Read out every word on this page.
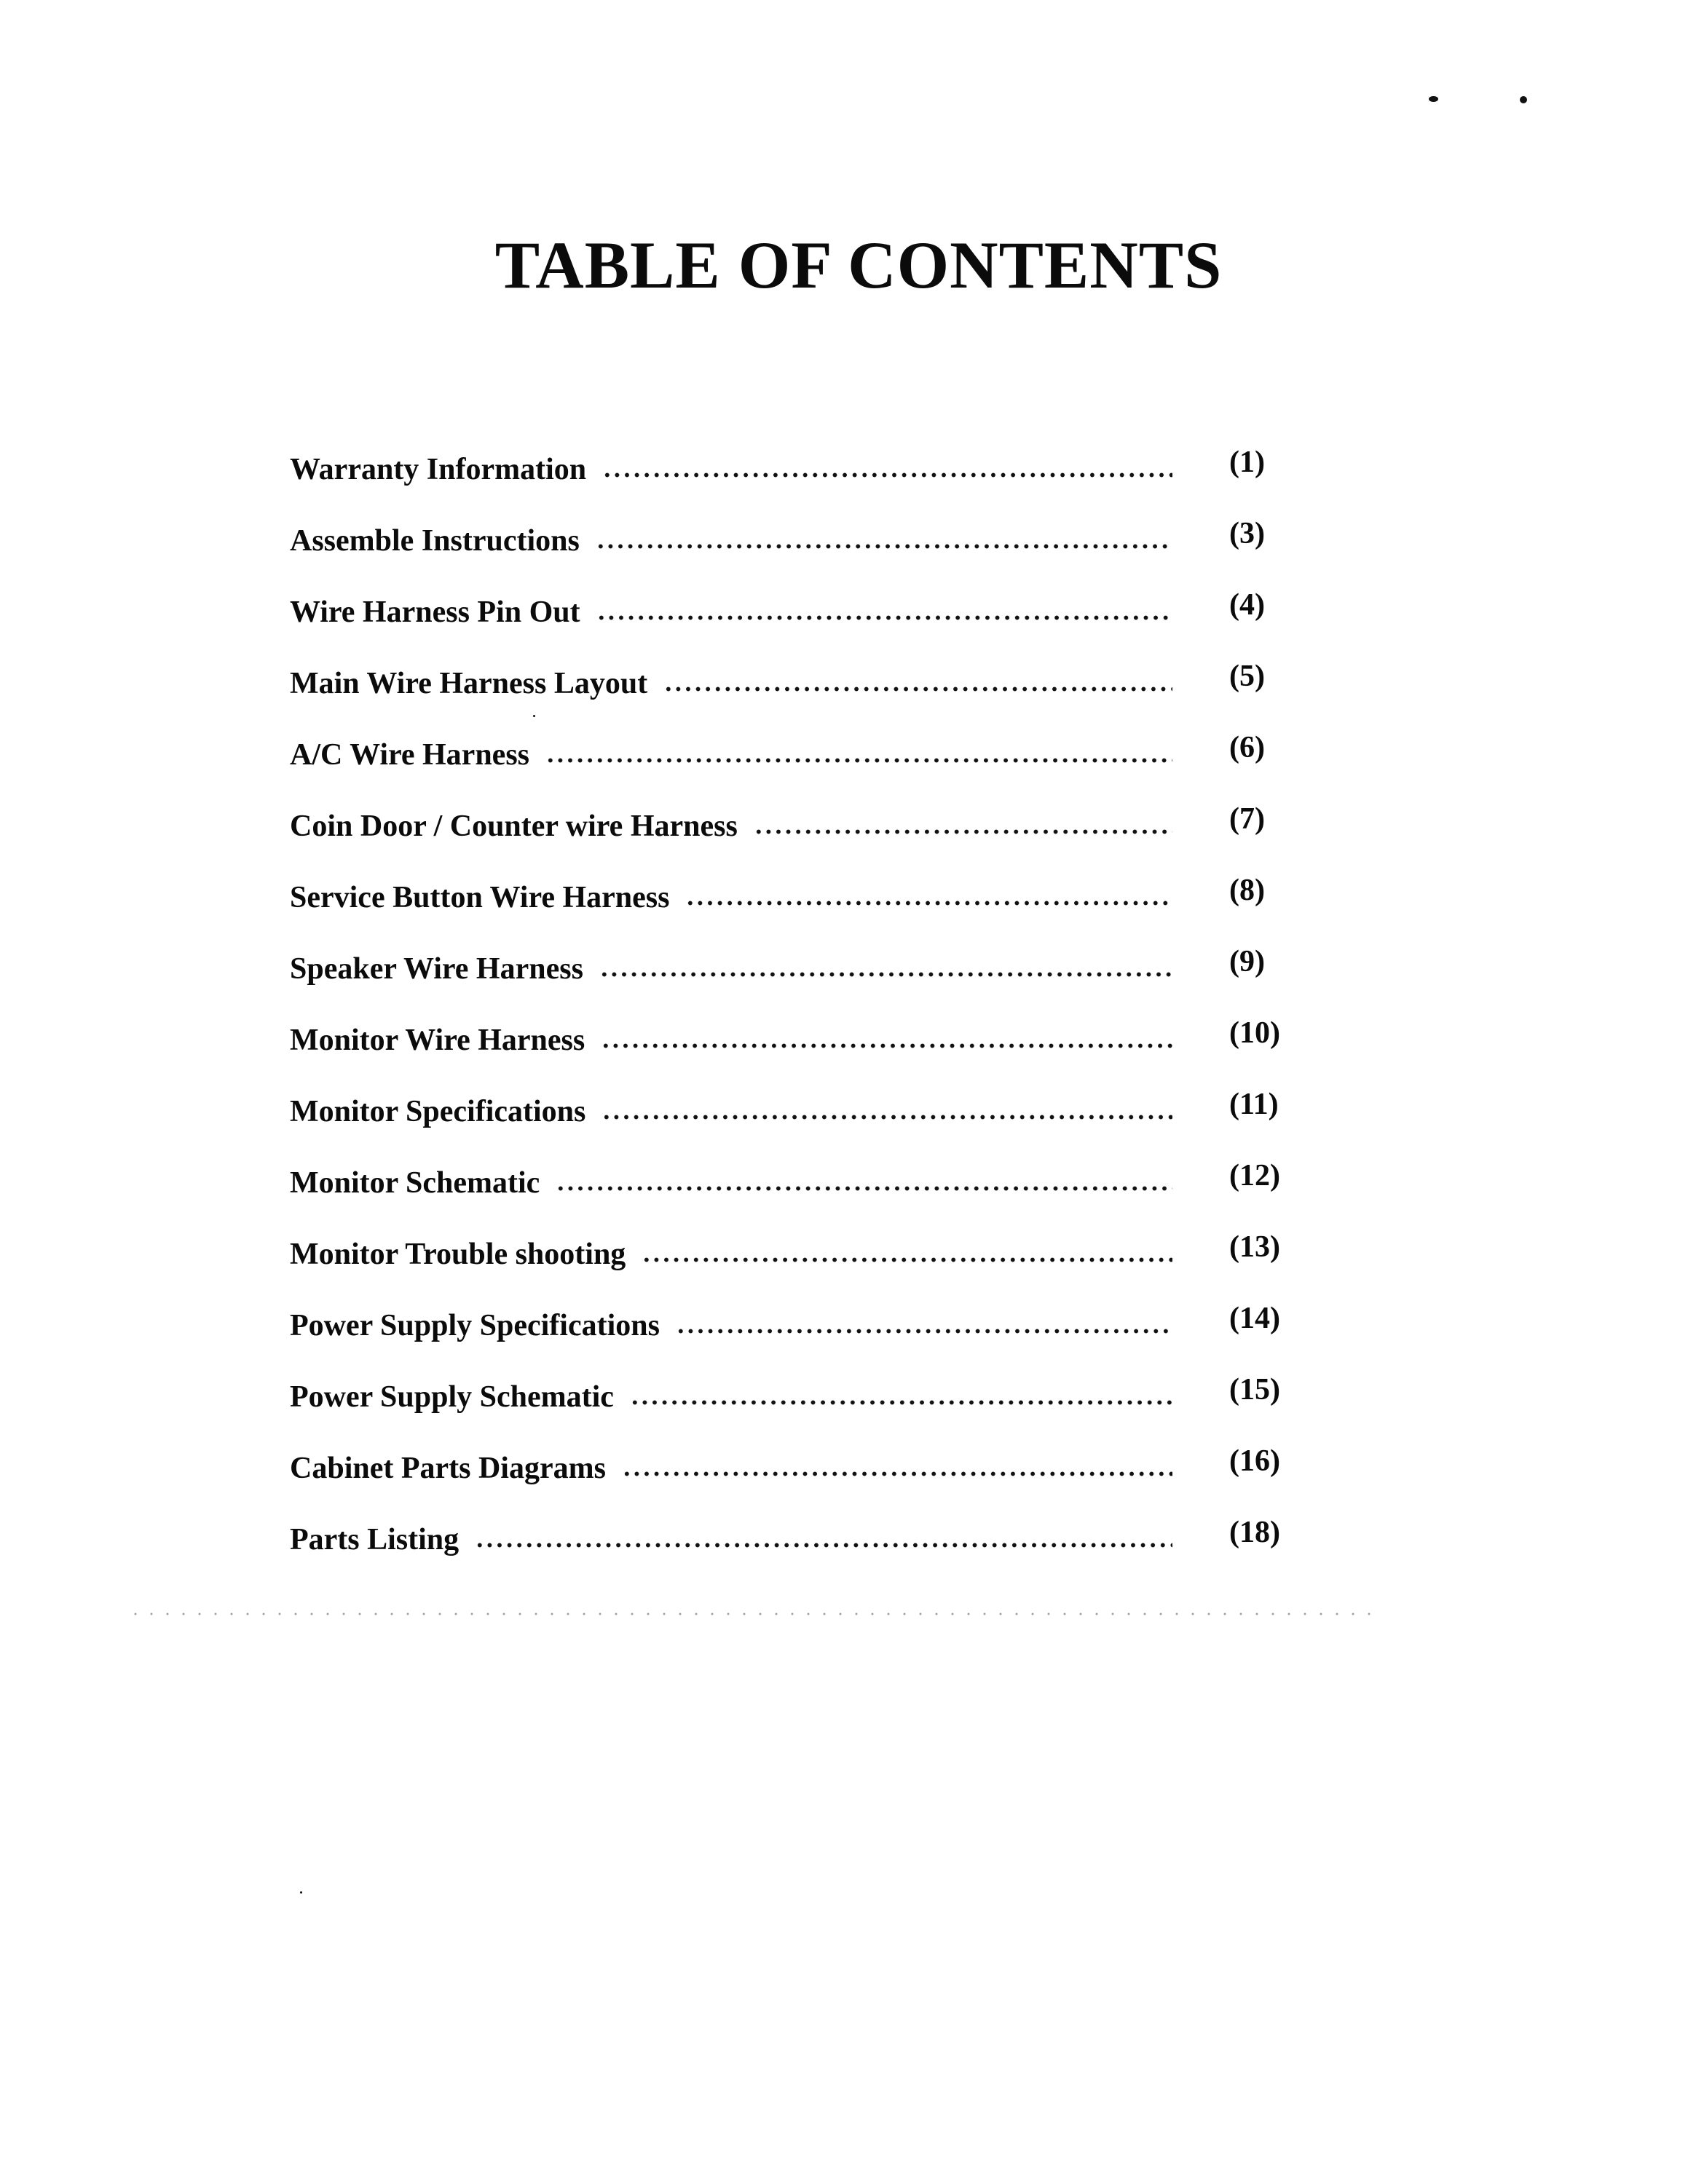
TABLE OF CONTENTS
Warranty Information	(1)
Assemble Instructions	(3)
Wire Harness Pin Out	(4)
Main Wire Harness Layout	(5)
A/C Wire Harness	(6)
Coin Door / Counter wire Harness	(7)
Service Button Wire Harness	(8)
Speaker Wire Harness	(9)
Monitor Wire Harness	(10)
Monitor Specifications	(11)
Monitor Schematic	(12)
Monitor Trouble shooting	(13)
Power Supply Specifications	(14)
Power Supply Schematic	(15)
Cabinet Parts Diagrams	(16)
Parts Listing	(18)
